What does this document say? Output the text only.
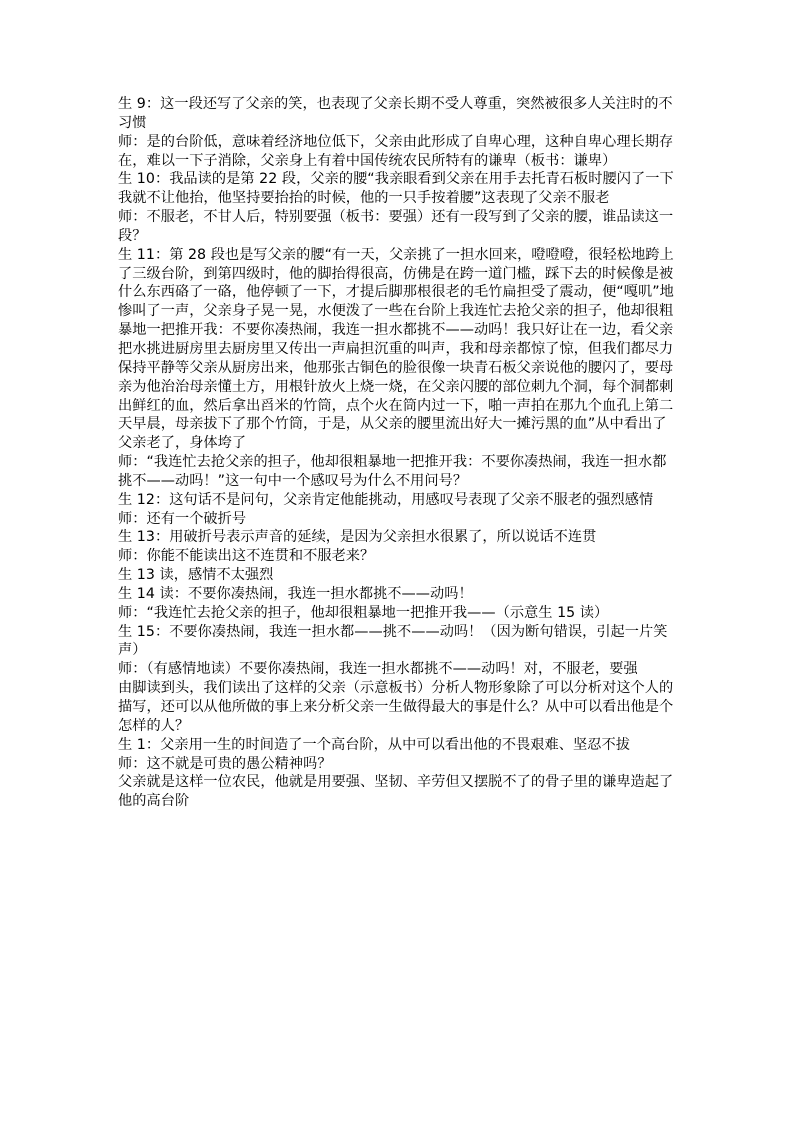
生 9：这一段还写了父亲的笑，也表现了父亲长期不受人尊重，突然被很多人关注时的不习惯

师：是的台阶低，意味着经济地位低下，父亲由此形成了自卑心理，这种自卑心理长期存在，难以一下子消除，父亲身上有着中国传统农民所特有的谦卑（板书：谦卑）

生 10：我品读的是第 22 段，父亲的腰“我亲眼看到父亲在用手去托青石板时腰闪了一下我就不让他抬，他坚持要抬抬的时候，他的一只手按着腰”这表现了父亲不服老

师：不服老，不甘人后，特别要强（板书：要强）还有一段写到了父亲的腰，谁品读这一段？

生 11：第 28 段也是写父亲的腰“有一天，父亲挑了一担水回来，噔噔噔，很轻松地跨上了三级台阶，到第四级时，他的脚抬得很高，仿佛是在跨一道门槛，踩下去的时候像是被什么东西硌了一硌，他停顿了一下，才提后脚那根很老的毛竹扁担受了震动，便“嘎叽”地惨叫了一声，父亲身子晃一晃，水便泼了一些在台阶上我连忙去抢父亲的担子，他却很粗暴地一把推开我：不要你凑热闹，我连一担水都挑不——动吗！我只好让在一边，看父亲把水挑进厨房里去厨房里又传出一声扁担沉重的叫声，我和母亲都惊了惊，但我们都尽力保持平静等父亲从厨房出来，他那张古铜色的脸很像一块青石板父亲说他的腰闪了，要母亲为他治治母亲懂土方，用根针放火上烧一烧，在父亲闪腰的部位刺九个洞，每个洞都刺出鲜红的血，然后拿出舀米的竹筒，点个火在筒内过一下，啪一声拍在那九个血孔上第二天早晨，母亲拔下了那个竹筒，于是，从父亲的腰里流出好大一摊污黑的血”从中看出了父亲老了，身体垮了

师：“我连忙去抢父亲的担子，他却很粗暴地一把推开我：不要你凑热闹，我连一担水都挑不——动吗！”这一句中一个感叹号为什么不用问号？

生 12：这句话不是问句，父亲肯定他能挑动，用感叹号表现了父亲不服老的强烈感情

师：还有一个破折号

生 13：用破折号表示声音的延续，是因为父亲担水很累了，所以说话不连贯

师：你能不能读出这不连贯和不服老来？

生 13 读，感情不太强烈

生 14 读：不要你凑热闹，我连一担水都挑不——动吗！

师：“我连忙去抢父亲的担子，他却很粗暴地一把推开我——（示意生 15 读）

生 15：不要你凑热闹，我连一担水都——挑不——动吗！（因为断句错误，引起一片笑声）

师：（有感情地读）不要你凑热闹，我连一担水都挑不——动吗！对，不服老，要强

由脚读到头，我们读出了这样的父亲（示意板书）分析人物形象除了可以分析对这个人的描写，还可以从他所做的事上来分析父亲一生做得最大的事是什么？从中可以看出他是个怎样的人？

生 1：父亲用一生的时间造了一个高台阶，从中可以看出他的不畏艰难、坚忍不拔

师：这不就是可贵的愚公精神吗？

父亲就是这样一位农民，他就是用要强、坚韧、辛劳但又摆脱不了的骨子里的谦卑造起了他的高台阶
